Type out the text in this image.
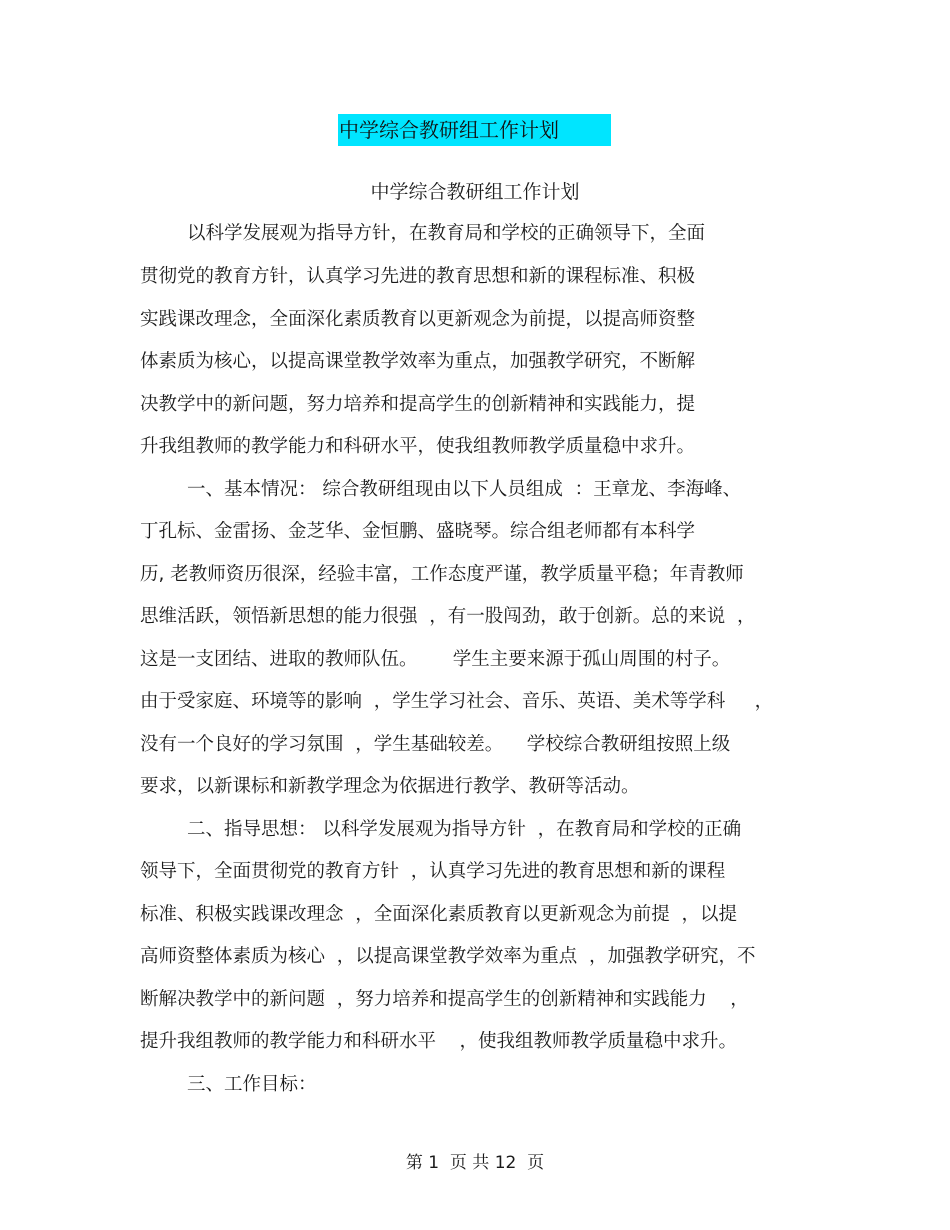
中学综合教研组工作计划
中学综合教研组工作计划
以科学发展观为指导方针，在教育局和学校的正确领导下，全面
贯彻党的教育方针，认真学习先进的教育思想和新的课程标准、积极
实践课改理念，全面深化素质教育以更新观念为前提，以提高师资整
体素质为核心，以提高课堂教学效率为重点，加强教学研究，不断解
决教学中的新问题，努力培养和提高学生的创新精神和实践能力，提
升我组教师的教学能力和科研水平，使我组教师教学质量稳中求升。
一、基本情况： 综合教研组现由以下人员组成  ：王章龙、李海峰、
丁孔标、金雷扬、金芝华、金恒鹏、盛晓琴。综合组老师都有本科学
历, 老教师资历很深，经验丰富，工作态度严谨，教学质量平稳；年青教师
思维活跃，领悟新思想的能力很强  ，有一股闯劲，敢于创新。总的来说  ，
这是一支团结、进取的教师队伍。      学生主要来源于孤山周围的村子。
由于受家庭、环境等的影响  ，学生学习社会、音乐、英语、美术等学科     ，
没有一个良好的学习氛围  ，学生基础较差。    学校综合教研组按照上级
要求，以新课标和新教学理念为依据进行教学、教研等活动。
二、指导思想： 以科学发展观为指导方针  ，在教育局和学校的正确
领导下，全面贯彻党的教育方针  ，认真学习先进的教育思想和新的课程
标准、积极实践课改理念  ，全面深化素质教育以更新观念为前提  ，以提
高师资整体素质为核心  ，以提高课堂教学效率为重点  ，加强教学研究，不
断解决教学中的新问题  ，努力培养和提高学生的创新精神和实践能力    ，
提升我组教师的教学能力和科研水平    ，使我组教师教学质量稳中求升。
三、工作目标：
第 1  页 共 12  页
